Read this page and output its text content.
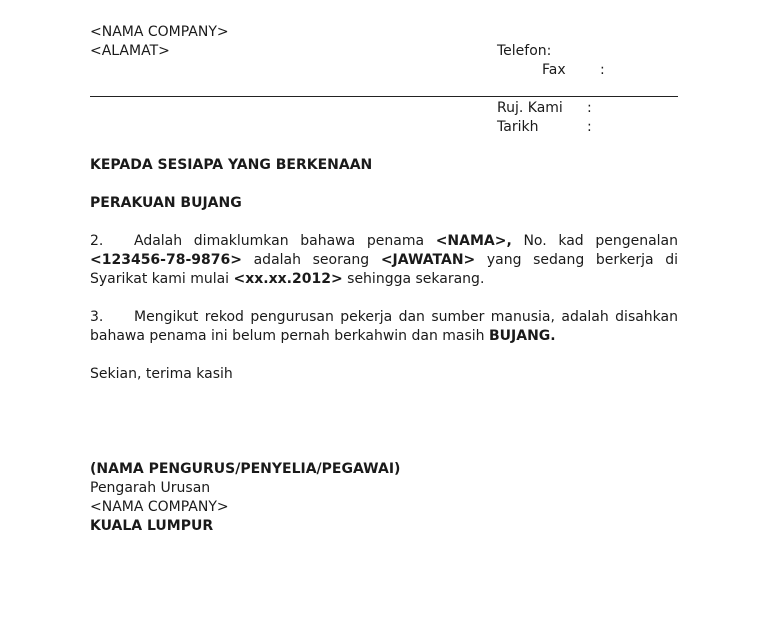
<NAMA COMPANY>
<ALAMAT>	Telefon:
Fax :
Ruj. Kami :
Tarikh	:
KEPADA SESIAPA YANG BERKENAAN
PERAKUAN BUJANG
2. Adalah dimaklumkan bahawa penama <NAMA>, No. kad pengenalan <123456-78-9876> adalah seorang <JAWATAN> yang sedang berkerja di Syarikat kami mulai <xx.xx.2012> sehingga sekarang.
3. Mengikut rekod pengurusan pekerja dan sumber manusia, adalah disahkan bahawa penama ini belum pernah berkahwin dan masih BUJANG.
Sekian, terima kasih
(NAMA PENGURUS/PENYELIA/PEGAWAI)
Pengarah Urusan
<NAMA COMPANY>
KUALA LUMPUR
